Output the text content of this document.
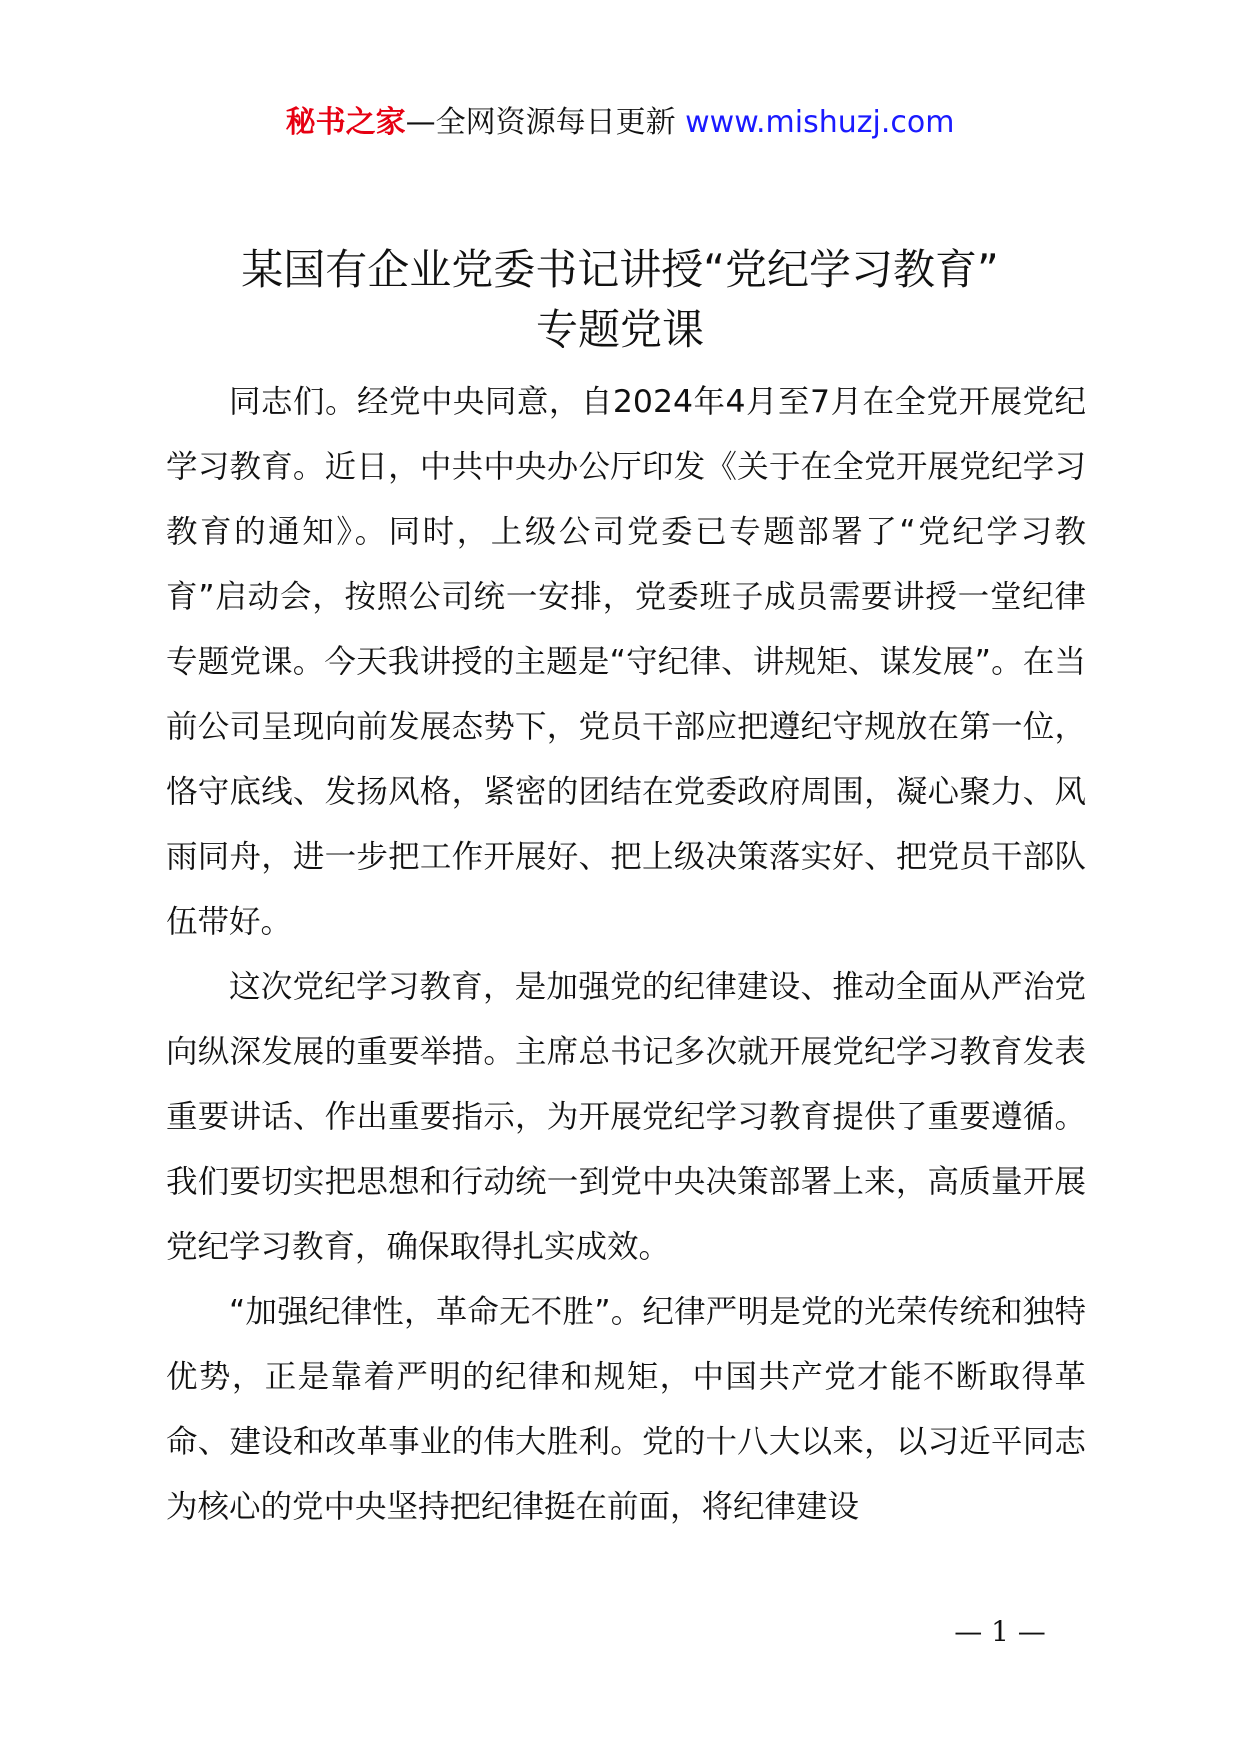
秘书之家—全网资源每日更新 www.mishuzj.com
某国有企业党委书记讲授“党纪学习教育”
专题党课

同志们。经党中央同意，自2024年4月至7月在全党开展党纪学习教育。近日，中共中央办公厅印发《关于在全党开展党纪学习教育的通知》。同时，上级公司党委已专题部署了“党纪学习教育”启动会，按照公司统一安排，党委班子成员需要讲授一堂纪律专题党课。今天我讲授的主题是“守纪律、讲规矩、谋发展”。在当前公司呈现向前发展态势下，党员干部应把遵纪守规放在第一位，恪守底线、发扬风格，紧密的团结在党委政府周围，凝心聚力、风雨同舟，进一步把工作开展好、把上级决策落实好、把党员干部队伍带好。

这次党纪学习教育，是加强党的纪律建设、推动全面从严治党向纵深发展的重要举措。主席总书记多次就开展党纪学习教育发表重要讲话、作出重要指示，为开展党纪学习教育提供了重要遵循。我们要切实把思想和行动统一到党中央决策部署上来，高质量开展党纪学习教育，确保取得扎实成效。

“加强纪律性，革命无不胜”。纪律严明是党的光荣传统和独特优势，正是靠着严明的纪律和规矩，中国共产党才能不断取得革命、建设和改革事业的伟大胜利。党的十八大以来，以习近平同志为核心的党中央坚持把纪律挺在前面，将纪律建设

— 1 —
